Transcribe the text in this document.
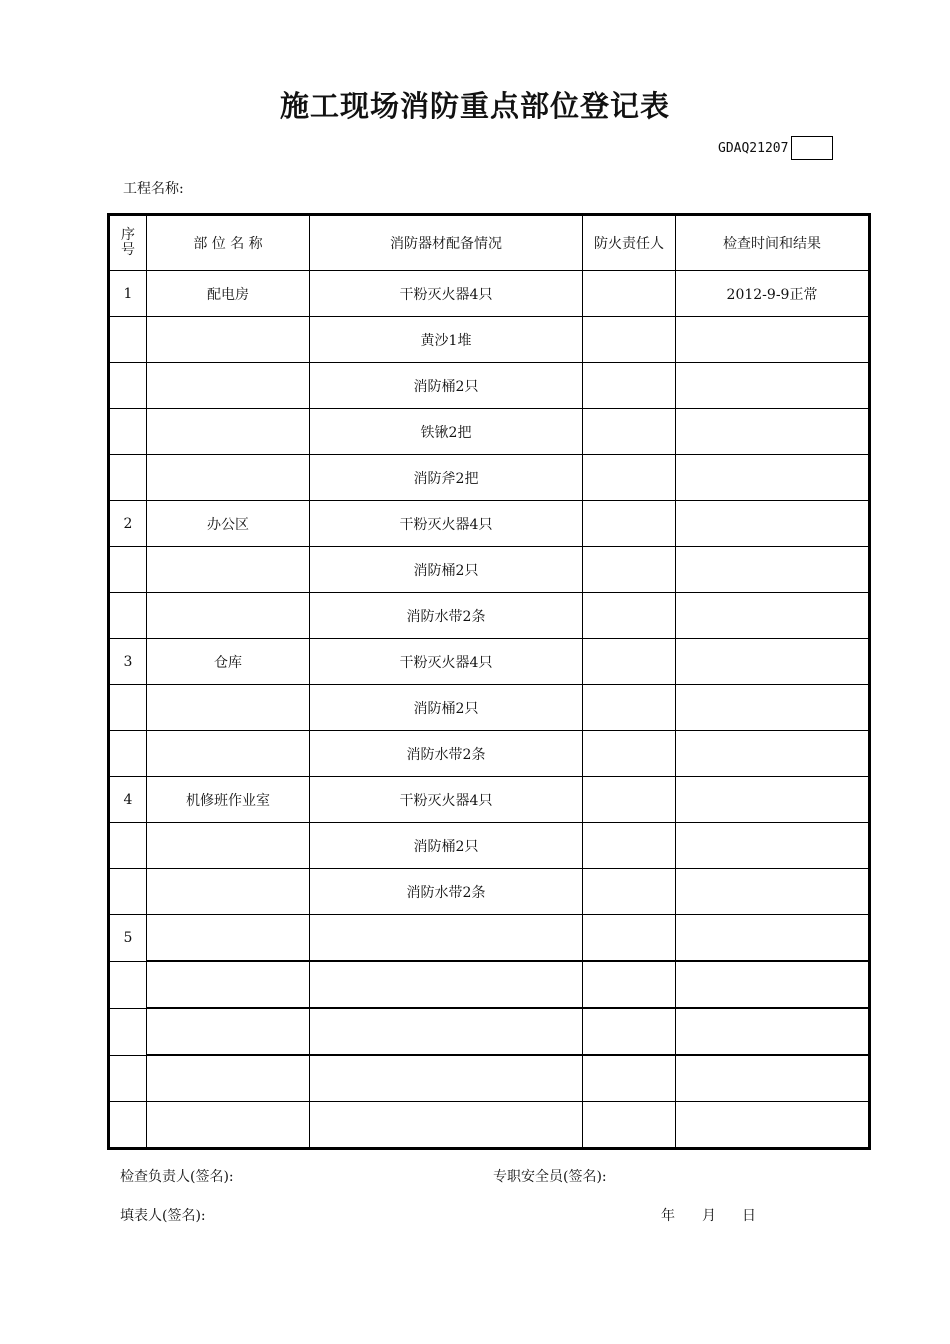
施工现场消防重点部位登记表
GDAQ21207
工程名称:
序
号	部 位 名 称	消防器材配备情况	防火责任人	检查时间和结果
1	配电房	干粉灭火器4只		2012-9-9正常
		黄沙1堆		
		消防桶2只		
		铁锹2把		
		消防斧2把		
2	办公区	干粉灭火器4只		
		消防桶2只		
		消防水带2条		
3	仓库	干粉灭火器4只		
		消防桶2只		
		消防水带2条		
4	机修班作业室	干粉灭火器4只		
		消防桶2只		
		消防水带2条		
5				

检查负责人(签名):	专职安全员(签名):
填表人(签名):	年 月 日
